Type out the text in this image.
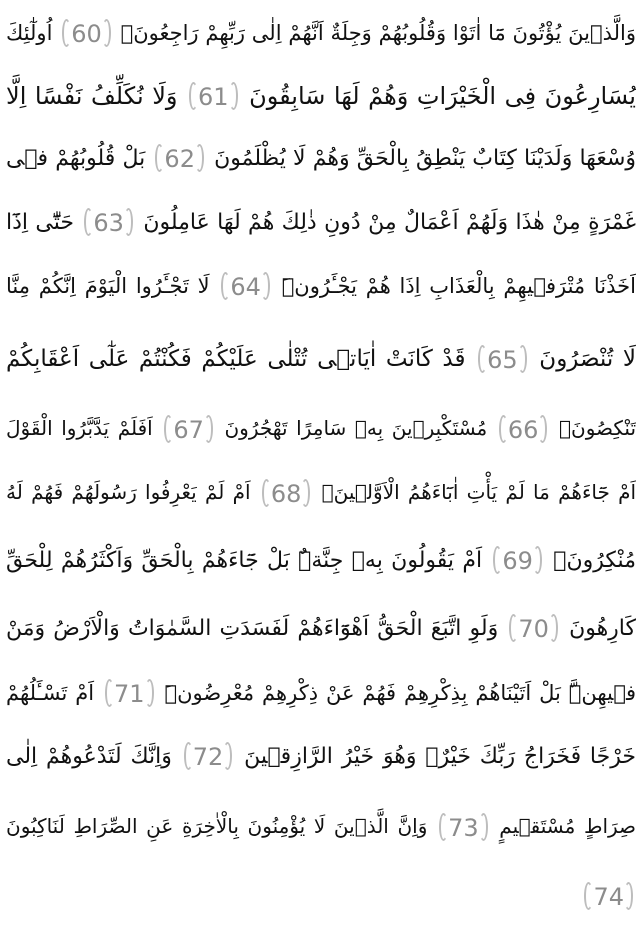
وَالَّذٖينَ يُؤْتُونَ مَٓا اٰتَوْا وَقُلُوبُهُمْ وَجِلَةٌ اَنَّهُمْ اِلٰى رَبِّهِمْ رَاجِعُونَۙ 60 اُولٰٓئِكَ
يُسَارِعُونَ فِى الْخَيْرَاتِ وَهُمْ لَهَا سَابِقُونَ 61 وَلَا نُكَلِّفُ نَفْسًا اِلَّا
وُسْعَهَا وَلَدَيْنَا كِتَابٌ يَنْطِقُ بِالْحَقِّ وَهُمْ لَا يُظْلَمُونَ 62 بَلْ قُلُوبُهُمْ فٖى
غَمْرَةٍ مِنْ هٰذَا وَلَهُمْ اَعْمَالٌ مِنْ دُونِ ذٰلِكَ هُمْ لَهَا عَامِلُونَ 63 حَتّٰٓى اِذَٓا
اَخَذْنَا مُتْرَفٖيهِمْ بِالْعَذَابِ اِذَا هُمْ يَجْـَٔرُونَۜ 64 لَا تَجْـَٔرُوا الْيَوْمَ اِنَّكُمْ مِنَّا
لَا تُنْصَرُونَ 65 قَدْ كَانَتْ اٰيَاتٖى تُتْلٰى عَلَيْكُمْ فَكُنْتُمْ عَلٰٓى اَعْقَابِكُمْ
تَنْكِصُونَۙ 66 مُسْتَكْبِرٖينَ بِهٖ سَامِرًا تَهْجُرُونَ 67 اَفَلَمْ يَدَّبَّرُوا الْقَوْلَ
اَمْ جَٓاءَهُمْ مَا لَمْ يَأْتِ اٰبَٓاءَهُمُ الْاَوَّلٖينَۘ 68 اَمْ لَمْ يَعْرِفُوا رَسُولَهُمْ فَهُمْ لَهُ
مُنْكِرُونَۘ 69 اَمْ يَقُولُونَ بِهٖ جِنَّةٌۜ بَلْ جَٓاءَهُمْ بِالْحَقِّ وَاَكْثَرُهُمْ لِلْحَقِّ
كَارِهُونَ 70 وَلَوِ اتَّبَعَ الْحَقُّ اَهْوَٓاءَهُمْ لَفَسَدَتِ السَّمٰوَاتُ وَالْاَرْضُ وَمَنْ
فٖيهِنَّۜ بَلْ اَتَيْنَاهُمْ بِذِكْرِهِمْ فَهُمْ عَنْ ذِكْرِهِمْ مُعْرِضُونَۜ 71 اَمْ تَسْـَٔلُهُمْ
خَرْجًا فَخَرَاجُ رَبِّكَ خَيْرٌۗ وَهُوَ خَيْرُ الرَّازِقٖينَ 72 وَاِنَّكَ لَتَدْعُوهُمْ اِلٰى
صِرَاطٍ مُسْتَقٖيمٍ 73 وَاِنَّ الَّذٖينَ لَا يُؤْمِنُونَ بِالْاٰخِرَةِ عَنِ الصِّرَاطِ لَنَاكِبُونَ
74
